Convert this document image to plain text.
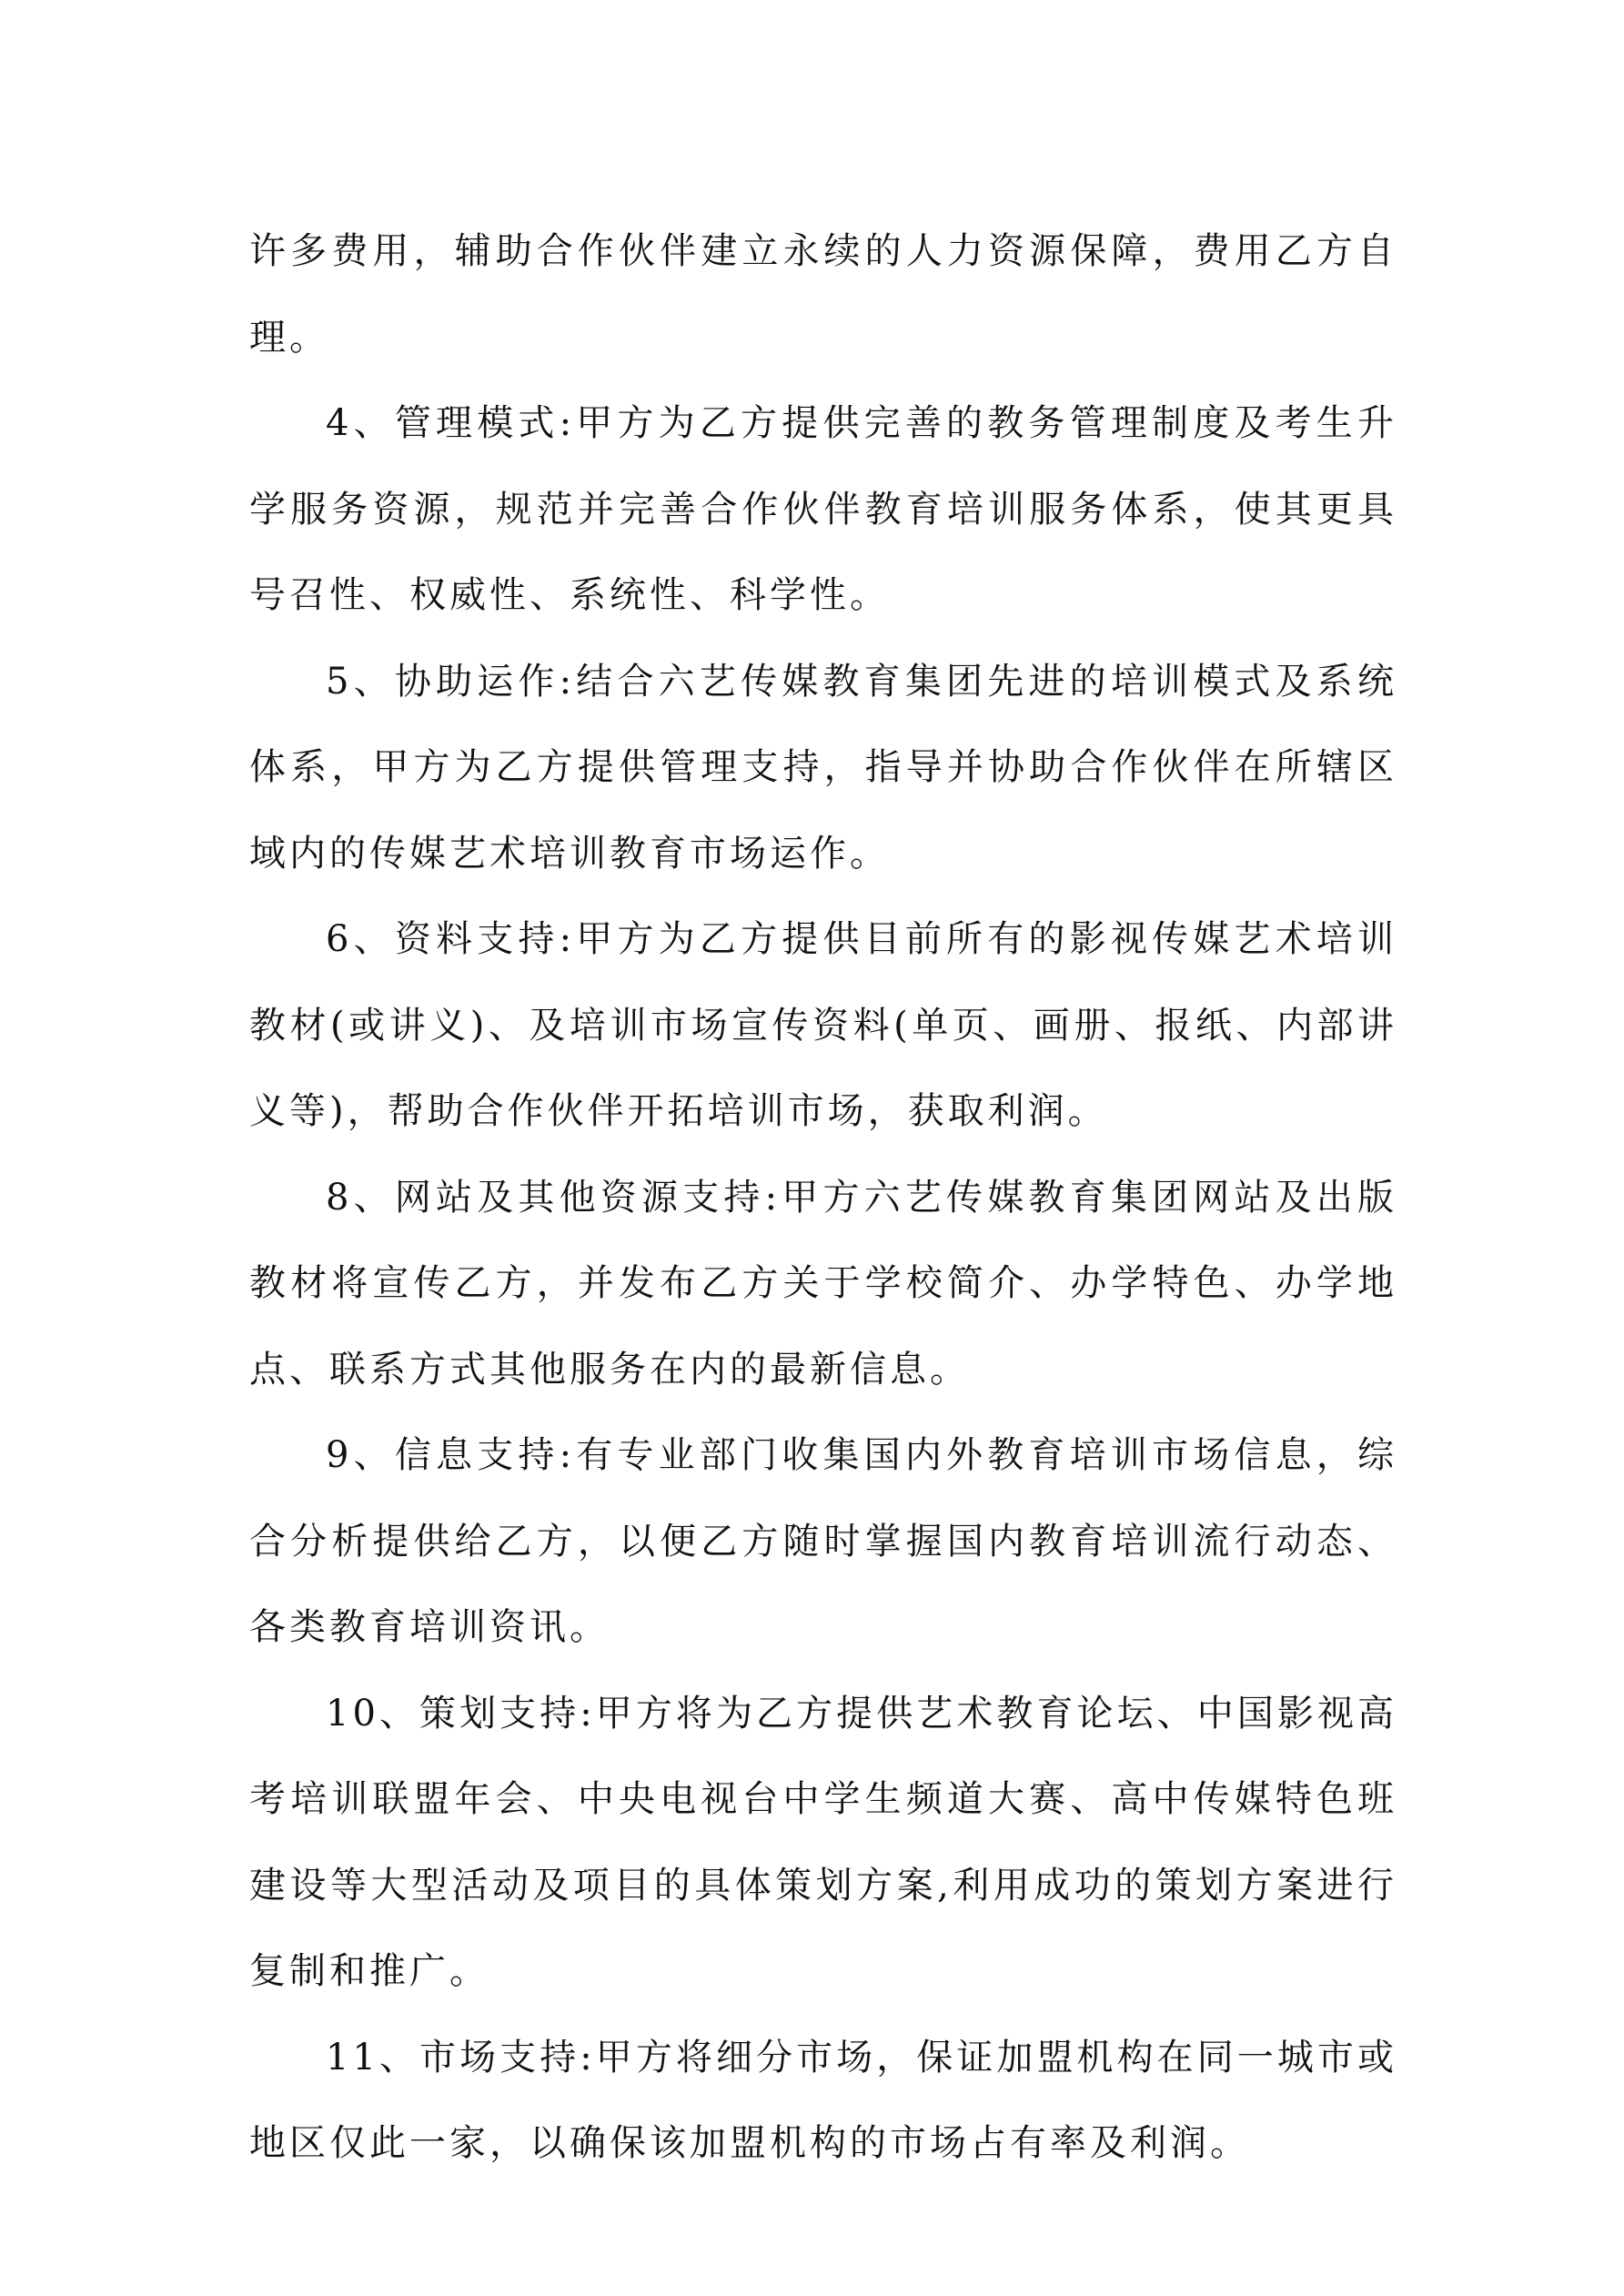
许多费用，辅助合作伙伴建立永续的人力资源保障，费用乙方自理。

4、管理模式:甲方为乙方提供完善的教务管理制度及考生升学服务资源，规范并完善合作伙伴教育培训服务体系，使其更具号召性、权威性、系统性、科学性。

5、协助运作:结合六艺传媒教育集团先进的培训模式及系统体系，甲方为乙方提供管理支持，指导并协助合作伙伴在所辖区域内的传媒艺术培训教育市场运作。

6、资料支持:甲方为乙方提供目前所有的影视传媒艺术培训教材(或讲义)、及培训市场宣传资料(单页、画册、报纸、内部讲义等)，帮助合作伙伴开拓培训市场，获取利润。

8、网站及其他资源支持:甲方六艺传媒教育集团网站及出版教材将宣传乙方，并发布乙方关于学校简介、办学特色、办学地点、联系方式其他服务在内的最新信息。

9、信息支持:有专业部门收集国内外教育培训市场信息，综合分析提供给乙方，以便乙方随时掌握国内教育培训流行动态、各类教育培训资讯。

10、策划支持:甲方将为乙方提供艺术教育论坛、中国影视高考培训联盟年会、中央电视台中学生频道大赛、高中传媒特色班建设等大型活动及项目的具体策划方案,利用成功的策划方案进行复制和推广。

11、市场支持:甲方将细分市场，保证加盟机构在同一城市或地区仅此一家，以确保该加盟机构的市场占有率及利润。
